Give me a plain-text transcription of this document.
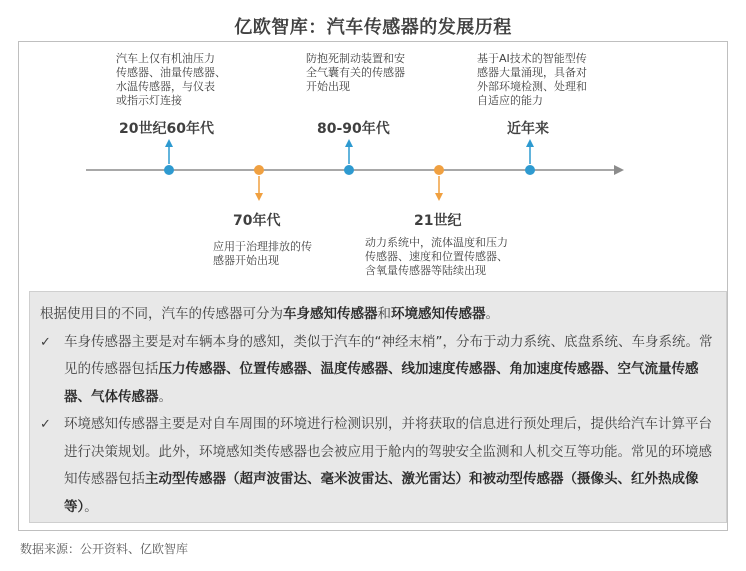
亿欧智库：汽车传感器的发展历程
汽车上仅有机油压力
传感器、油量传感器、
水温传感器，与仪表
或指示灯连接
20世纪60年代
70年代
应用于治理排放的传
感器开始出现
防抱死制动装置和安
全气囊有关的传感器
开始出现
80-90年代
21世纪
动力系统中，流体温度和压力
传感器、速度和位置传感器、
含氧量传感器等陆续出现
基于AI技术的智能型传
感器大量涌现，具备对
外部环境检测、处理和
自适应的能力
近年来

根据使用目的不同，汽车的传感器可分为车身感知传感器和环境感知传感器。

✓ 车身传感器主要是对车辆本身的感知，类似于汽车的“神经末梢”，分布于动力系统、底盘系统、车身系统。常见的传感器包括压力传感器、位置传感器、温度传感器、线加速度传感器、角加速度传感器、空气流量传感器、气体传感器。

✓ 环境感知传感器主要是对自车周围的环境进行检测识别，并将获取的信息进行预处理后，提供给汽车计算平台进行决策规划。此外，环境感知类传感器也会被应用于舱内的驾驶安全监测和人机交互等功能。常见的环境感知传感器包括主动型传感器（超声波雷达、毫米波雷达、激光雷达）和被动型传感器（摄像头、红外热成像等）。

数据来源：公开资料、亿欧智库
